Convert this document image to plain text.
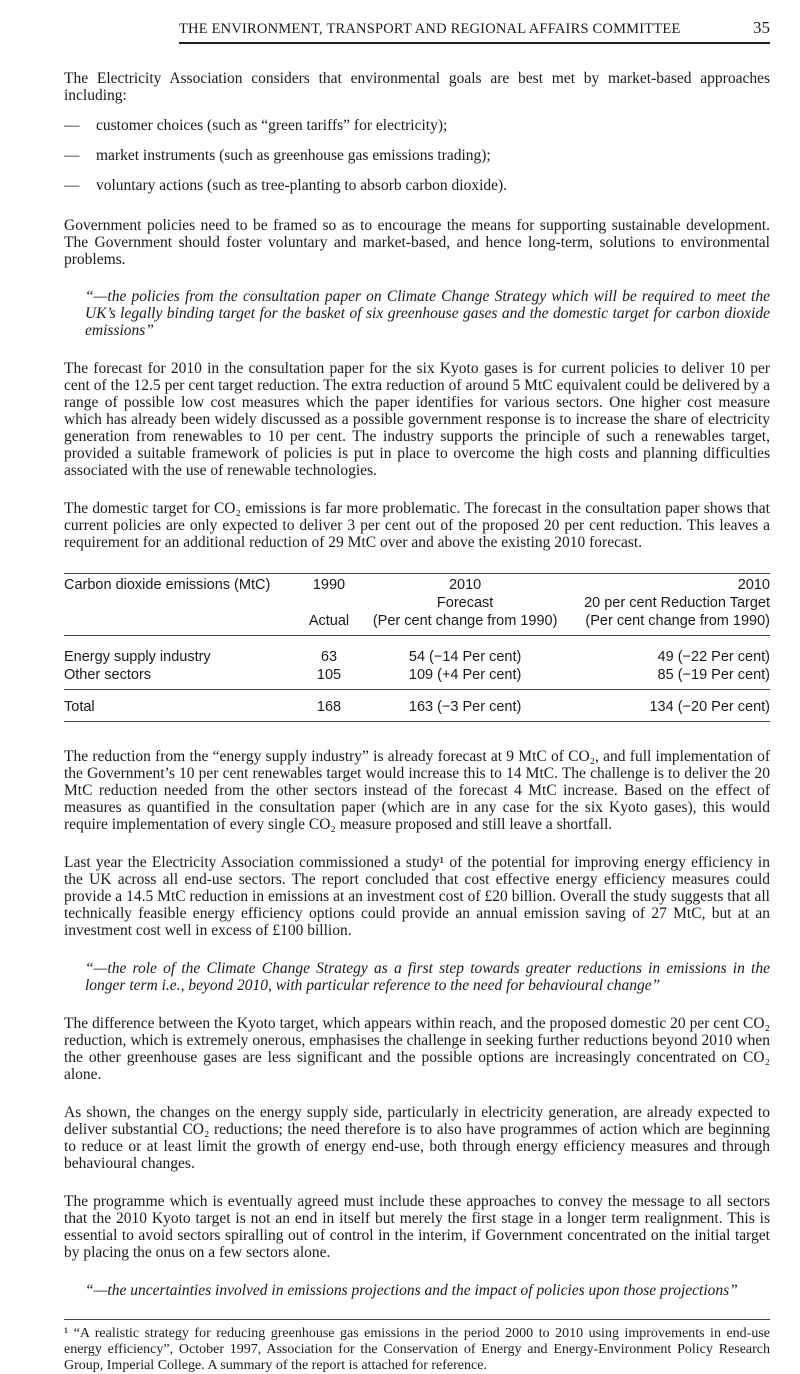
THE ENVIRONMENT, TRANSPORT AND REGIONAL AFFAIRS COMMITTEE	35

The Electricity Association considers that environmental goals are best met by market-based approaches including:

— customer choices (such as “green tariffs” for electricity);
— market instruments (such as greenhouse gas emissions trading);
— voluntary actions (such as tree-planting to absorb carbon dioxide).

Government policies need to be framed so as to encourage the means for supporting sustainable development. The Government should foster voluntary and market-based, and hence long-term, solutions to environmental problems.

“—the policies from the consultation paper on Climate Change Strategy which will be required to meet the UK’s legally binding target for the basket of six greenhouse gases and the domestic target for carbon dioxide emissions”

The forecast for 2010 in the consultation paper for the six Kyoto gases is for current policies to deliver 10 per cent of the 12.5 per cent target reduction. The extra reduction of around 5 MtC equivalent could be delivered by a range of possible low cost measures which the paper identifies for various sectors. One higher cost measure which has already been widely discussed as a possible government response is to increase the share of electricity generation from renewables to 10 per cent. The industry supports the principle of such a renewables target, provided a suitable framework of policies is put in place to overcome the high costs and planning difficulties associated with the use of renewable technologies.

The domestic target for CO₂ emissions is far more problematic. The forecast in the consultation paper shows that current policies are only expected to deliver 3 per cent out of the proposed 20 per cent reduction. This leaves a requirement for an additional reduction of 29 MtC over and above the existing 2010 forecast.

Carbon dioxide emissions (MtC)	1990	2010	2010
		Forecast	20 per cent Reduction Target
	Actual	(Per cent change from 1990)	(Per cent change from 1990)
Energy supply industry	63	54 (−14 Per cent)	49 (−22 Per cent)
Other sectors	105	109 (+4 Per cent)	85 (−19 Per cent)
Total	168	163 (−3 Per cent)	134 (−20 Per cent)

The reduction from the “energy supply industry” is already forecast at 9 MtC of CO₂, and full implementation of the Government’s 10 per cent renewables target would increase this to 14 MtC. The challenge is to deliver the 20 MtC reduction needed from the other sectors instead of the forecast 4 MtC increase. Based on the effect of measures as quantified in the consultation paper (which are in any case for the six Kyoto gases), this would require implementation of every single CO₂ measure proposed and still leave a shortfall.

Last year the Electricity Association commissioned a study¹ of the potential for improving energy efficiency in the UK across all end-use sectors. The report concluded that cost effective energy efficiency measures could provide a 14.5 MtC reduction in emissions at an investment cost of £20 billion. Overall the study suggests that all technically feasible energy efficiency options could provide an annual emission saving of 27 MtC, but at an investment cost well in excess of £100 billion.

“—the role of the Climate Change Strategy as a first step towards greater reductions in emissions in the longer term i.e., beyond 2010, with particular reference to the need for behavioural change”

The difference between the Kyoto target, which appears within reach, and the proposed domestic 20 per cent CO₂ reduction, which is extremely onerous, emphasises the challenge in seeking further reductions beyond 2010 when the other greenhouse gases are less significant and the possible options are increasingly concentrated on CO₂ alone.

As shown, the changes on the energy supply side, particularly in electricity generation, are already expected to deliver substantial CO₂ reductions; the need therefore is to also have programmes of action which are beginning to reduce or at least limit the growth of energy end-use, both through energy efficiency measures and through behavioural changes.

The programme which is eventually agreed must include these approaches to convey the message to all sectors that the 2010 Kyoto target is not an end in itself but merely the first stage in a longer term realignment. This is essential to avoid sectors spiralling out of control in the interim, if Government concentrated on the initial target by placing the onus on a few sectors alone.

“—the uncertainties involved in emissions projections and the impact of policies upon those projections”

¹ “A realistic strategy for reducing greenhouse gas emissions in the period 2000 to 2010 using improvements in end-use energy efficiency”, October 1997, Association for the Conservation of Energy and Energy-Environment Policy Research Group, Imperial College. A summary of the report is attached for reference.
